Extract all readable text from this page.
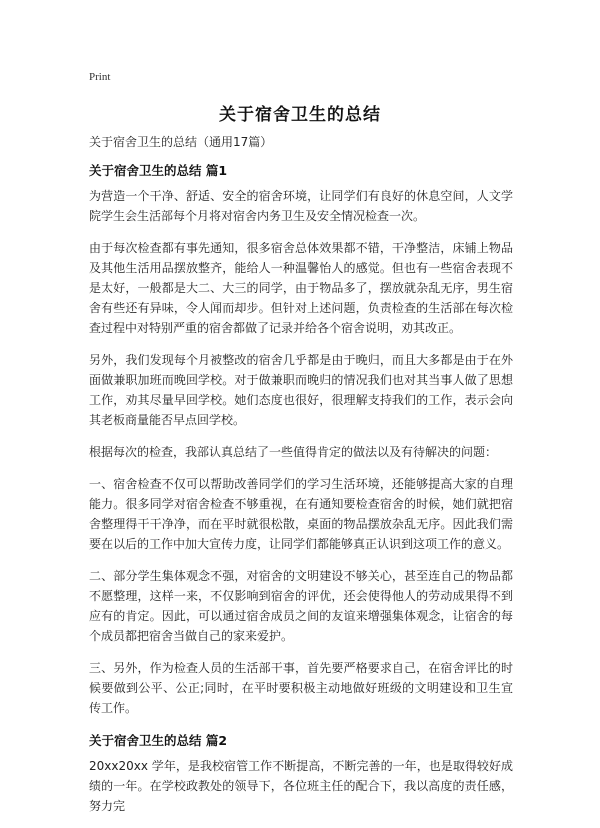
Print
关于宿舍卫生的总结
关于宿舍卫生的总结（通用17篇）
关于宿舍卫生的总结 篇1

为营造一个干净、舒适、安全的宿舍环境，让同学们有良好的休息空间，人文学院学生会生活部每个月将对宿舍内务卫生及安全情况检查一次。

由于每次检查都有事先通知，很多宿舍总体效果都不错，干净整洁，床铺上物品及其他生活用品摆放整齐，能给人一种温馨怡人的感觉。但也有一些宿舍表现不是太好，一般都是大二、大三的同学，由于物品多了，摆放就杂乱无序，男生宿舍有些还有异味，令人闻而却步。但针对上述问题，负责检查的生活部在每次检查过程中对特别严重的宿舍都做了记录并给各个宿舍说明，劝其改正。

另外，我们发现每个月被整改的宿舍几乎都是由于晚归，而且大多都是由于在外面做兼职加班而晚回学校。对于做兼职而晚归的情况我们也对其当事人做了思想工作，劝其尽量早回学校。她们态度也很好，很理解支持我们的工作，表示会向其老板商量能否早点回学校。

根据每次的检查，我部认真总结了一些值得肯定的做法以及有待解决的问题：

一、宿舍检查不仅可以帮助改善同学们的学习生活环境，还能够提高大家的自理能力。很多同学对宿舍检查不够重视，在有通知要检查宿舍的时候，她们就把宿舍整理得干干净净，而在平时就很松散，桌面的物品摆放杂乱无序。因此我们需要在以后的工作中加大宣传力度，让同学们都能够真正认识到这项工作的意义。

二、部分学生集体观念不强，对宿舍的文明建设不够关心，甚至连自己的物品都不愿整理，这样一来，不仅影响到宿舍的评优，还会使得他人的劳动成果得不到应有的肯定。因此，可以通过宿舍成员之间的友谊来增强集体观念，让宿舍的每个成员都把宿舍当做自己的家来爱护。

三、另外，作为检查人员的生活部干事，首先要严格要求自己，在宿舍评比的时候要做到公平、公正;同时，在平时要积极主动地做好班级的文明建设和卫生宣传工作。

关于宿舍卫生的总结 篇2

20xx20xx 学年，是我校宿管工作不断提高，不断完善的一年，也是取得较好成绩的一年。在学校政教处的领导下，各位班主任的配合下，我以高度的责任感，努力完
